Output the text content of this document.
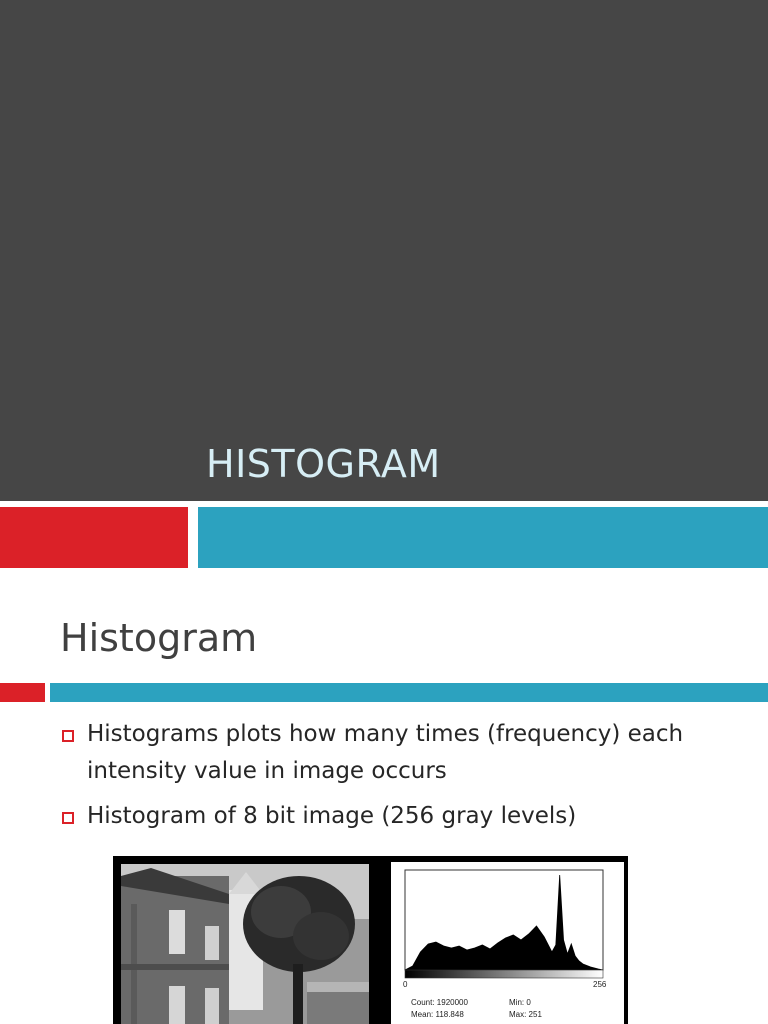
HISTOGRAM
Histogram
Histograms plots how many times (frequency) each intensity value in image occurs
Histogram of 8 bit image (256 gray levels)
0	256
Count: 1920000
Mean: 118.848
Min: 0
Max: 251
